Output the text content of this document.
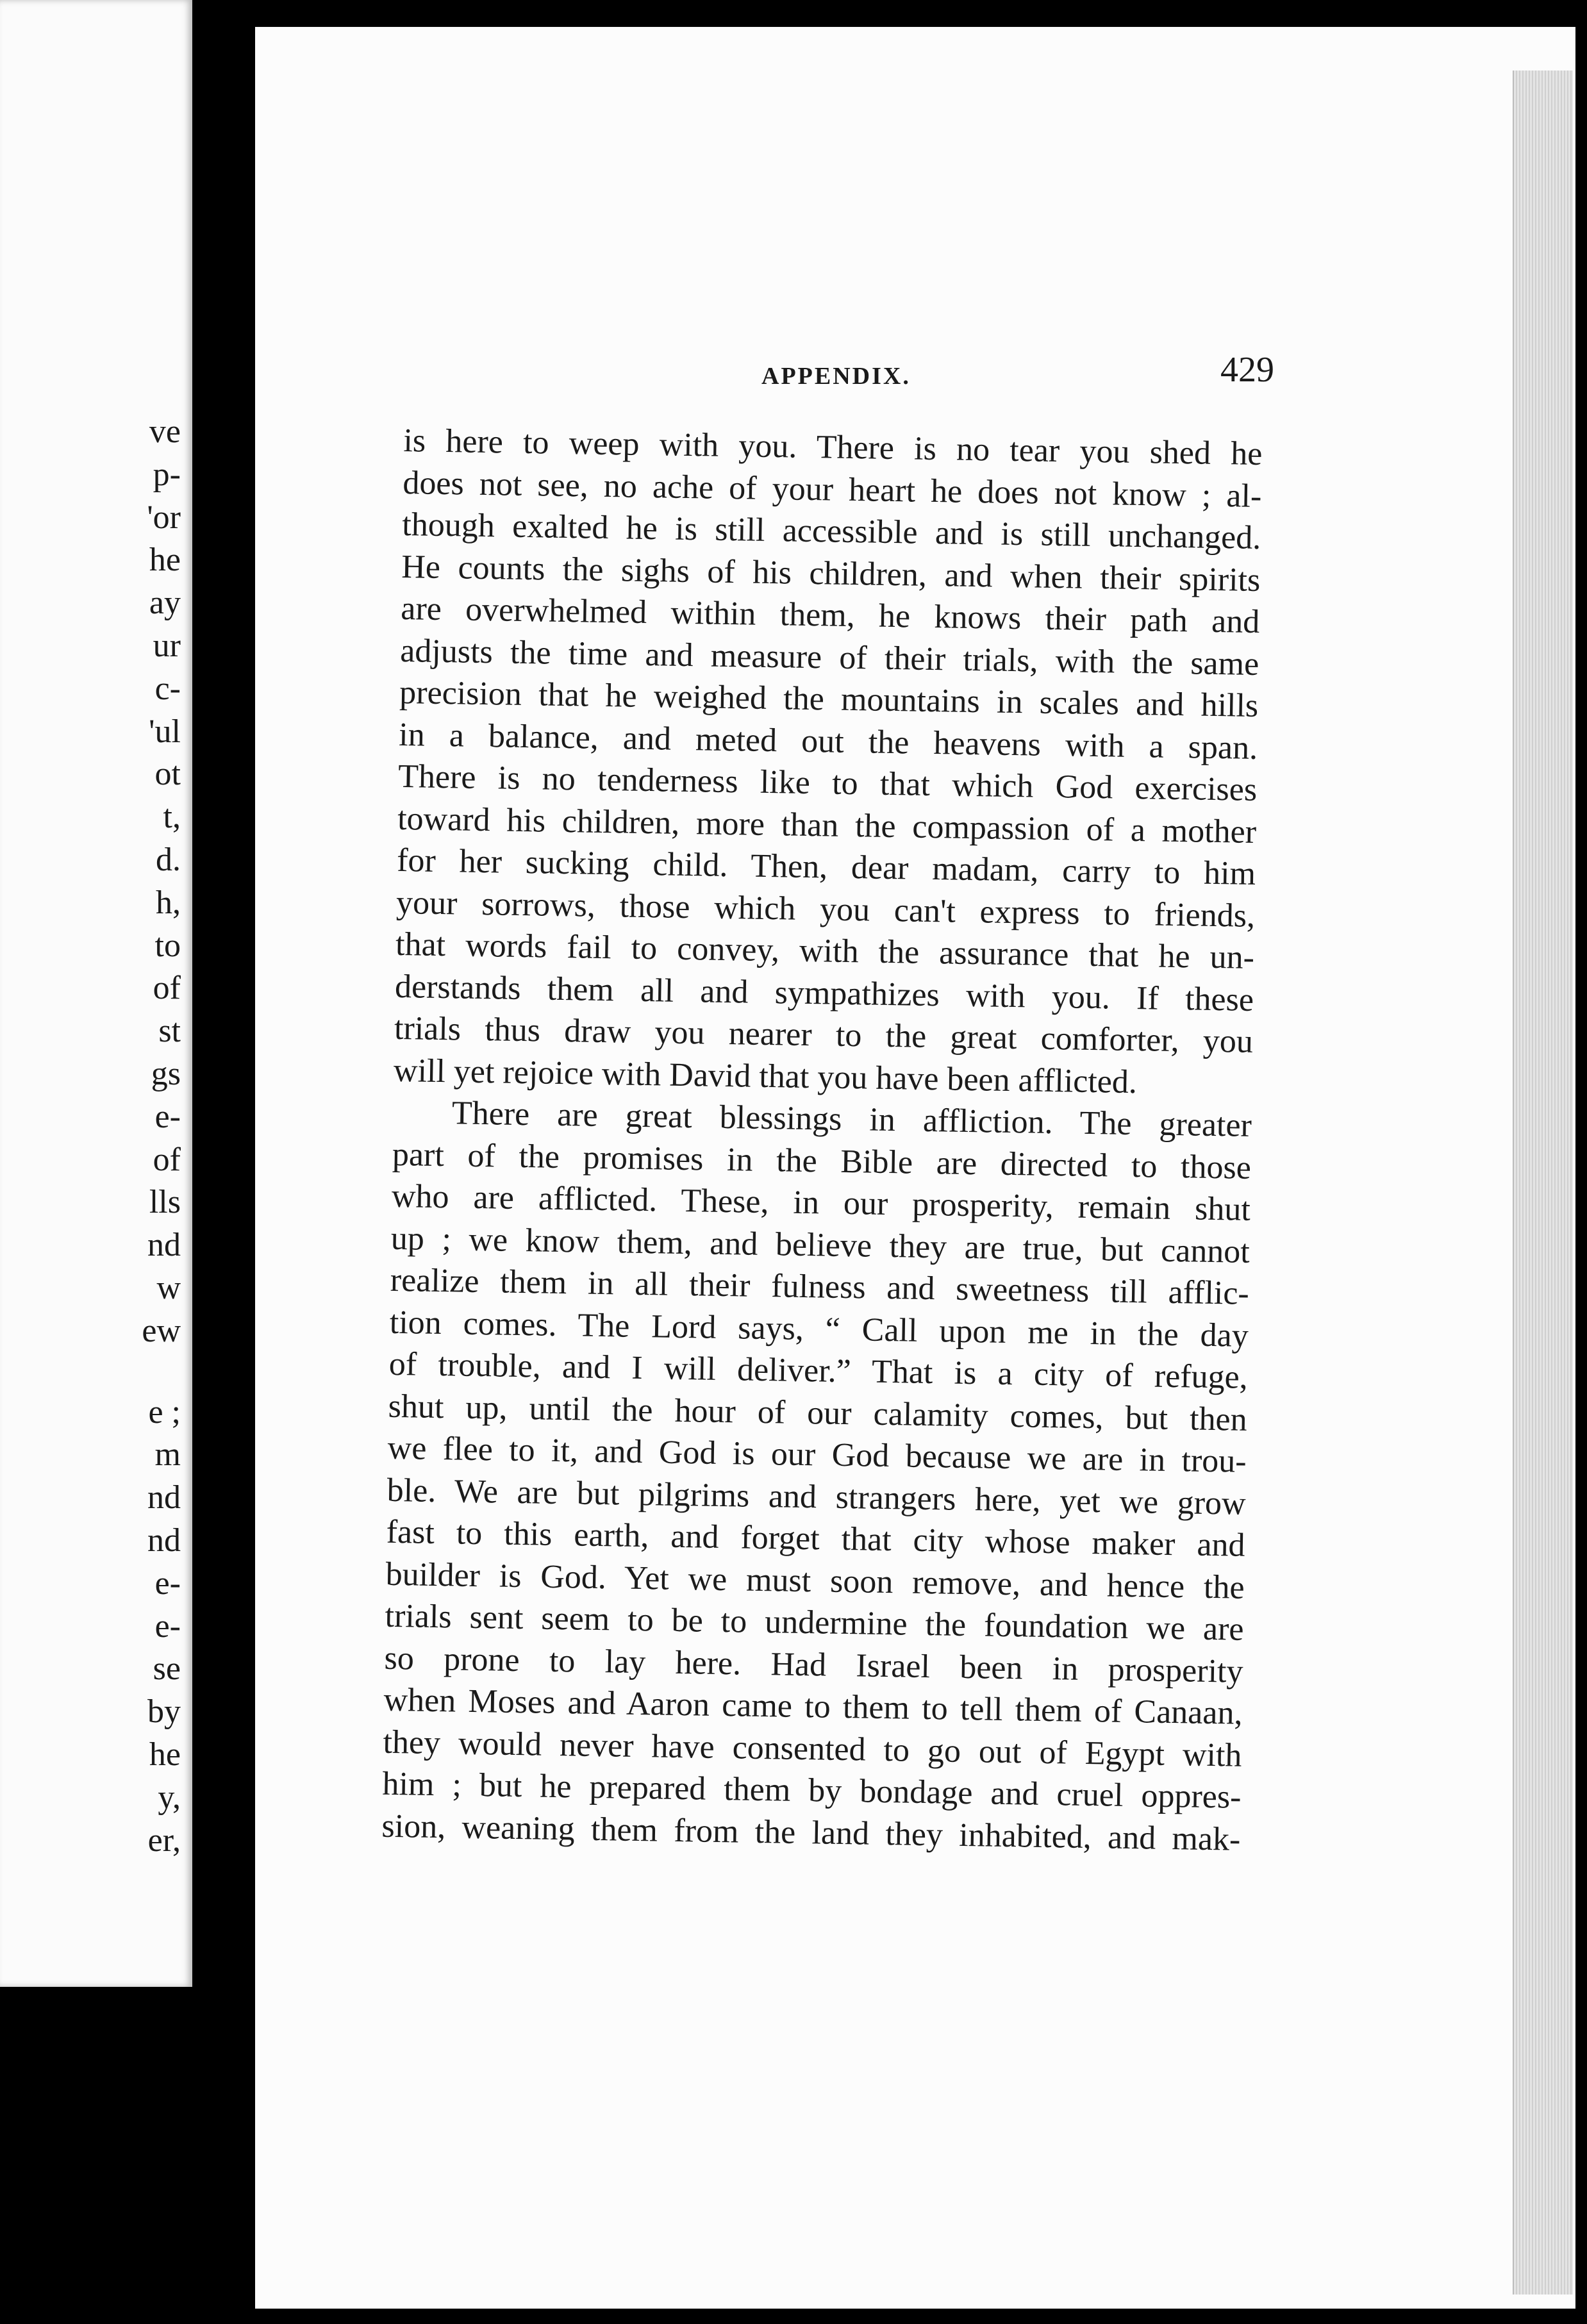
ve
p-
'or
he
ay
ur
c-
'ul
ot
t,
d.
h,
to
of
st
gs
e-
of
lls
nd
w
ew
e ;
m
nd
nd
e-
e-
se
by
he
y,
er,
APPENDIX.	429
is here to weep with you. There is no tear you shed he
does not see, no ache of your heart he does not know ; al-
though exalted he is still accessible and is still unchanged.
He counts the sighs of his children, and when their spirits
are overwhelmed within them, he knows their path and
adjusts the time and measure of their trials, with the same
precision that he weighed the mountains in scales and hills
in a balance, and meted out the heavens with a span.
There is no tenderness like to that which God exercises
toward his children, more than the compassion of a mother
for her sucking child. Then, dear madam, carry to him
your sorrows, those which you can't express to friends,
that words fail to convey, with the assurance that he un-
derstands them all and sympathizes with you. If these
trials thus draw you nearer to the great comforter, you
will yet rejoice with David that you have been afflicted.
There are great blessings in affliction. The greater
part of the promises in the Bible are directed to those
who are afflicted. These, in our prosperity, remain shut
up ; we know them, and believe they are true, but cannot
realize them in all their fulness and sweetness till afflic-
tion comes. The Lord says, “ Call upon me in the day
of trouble, and I will deliver.” That is a city of refuge,
shut up, until the hour of our calamity comes, but then
we flee to it, and God is our God because we are in trou-
ble. We are but pilgrims and strangers here, yet we grow
fast to this earth, and forget that city whose maker and
builder is God. Yet we must soon remove, and hence the
trials sent seem to be to undermine the foundation we are
so prone to lay here. Had Israel been in prosperity
when Moses and Aaron came to them to tell them of Canaan,
they would never have consented to go out of Egypt with
him ; but he prepared them by bondage and cruel oppres-
sion, weaning them from the land they inhabited, and mak-
